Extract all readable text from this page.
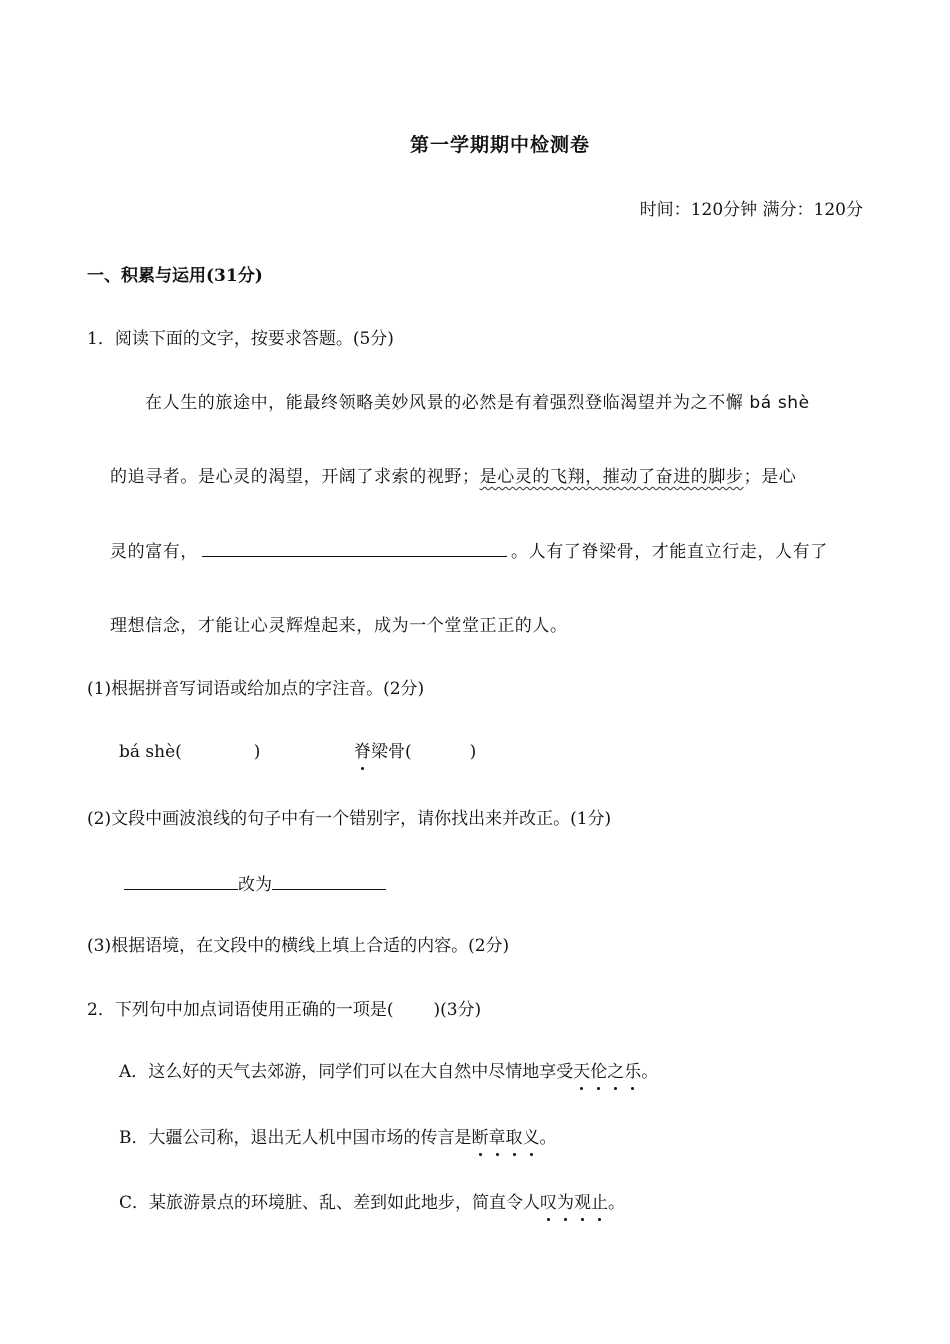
第一学期期中检测卷
时间：120分钟 满分：120分
一、积累与运用(31分)
1．阅读下面的文字，按要求答题。(5分)
在人生的旅途中，能最终领略美妙风景的必然是有着强烈登临渴望并为之不懈 bá shè
的追寻者。是心灵的渴望，开阔了求索的视野；是心灵的飞翔，摧动了奋进的脚步；是心
灵的富有，	。人有了脊梁骨，才能直立行走，人有了
理想信念，才能让心灵辉煌起来，成为一个堂堂正正的人。
(1)根据拼音写词语或给加点的字注音。(2分)
bá shè(	)	脊梁骨(	)
(2)文段中画波浪线的句子中有一个错别字，请你找出来并改正。(1分)
改为
(3)根据语境，在文段中的横线上填上合适的内容。(2分)
2．下列句中加点词语使用正确的一项是( )(3分)
A．这么好的天气去郊游，同学们可以在大自然中尽情地享受天伦之乐。
B．大疆公司称，退出无人机中国市场的传言是断章取义。
C．某旅游景点的环境脏、乱、差到如此地步，简直令人叹为观止。
